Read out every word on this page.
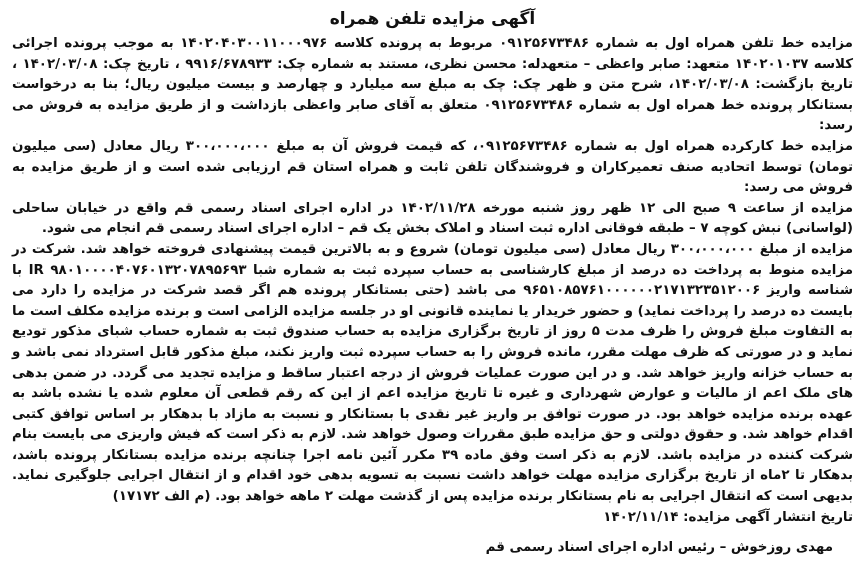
آگهی مزایده تلفن همراه

مزایده خط تلفن همراه اول به شماره ۰۹۱۲۵۶۷۳۴۸۶ مربوط به پرونده کلاسه ۱۴۰۲۰۴۰۳۰۰۱۱۰۰۰۹۷۶ به موجب پرونده اجرائی کلاسه ۱۴۰۲۰۱۰۳۷ متعهد: صابر واعظی – متعهدله: محسن نظری، مستند به شماره چک: ۹۹۱۶/۶۷۸۹۳۳ ، تاریخ چک: ۱۴۰۲/۰۳/۰۸ ، تاریخ بازگشت: ۱۴۰۲/۰۳/۰۸، شرح متن و ظهر چک: چک به مبلغ سه میلیارد و چهارصد و بیست میلیون ریال؛ بنا به درخواست بستانکار پرونده خط همراه اول به شماره ۰۹۱۲۵۶۷۳۴۸۶ متعلق به آقای صابر واعظی بازداشت و از طریق مزایده به فروش می رسد:

مزایده خط کارکرده همراه اول به شماره ۰۹۱۲۵۶۷۳۴۸۶، که قیمت فروش آن به مبلغ ۳۰۰،۰۰۰،۰۰۰ ریال معادل (سی میلیون تومان) توسط اتحادیه صنف تعمیرکاران و فروشندگان تلفن ثابت و همراه استان قم ارزیابی شده است و از طریق مزایده به فروش می رسد:

مزایده از ساعت ۹ صبح الی ۱۲ ظهر روز شنبه مورخه ۱۴۰۲/۱۱/۲۸ در اداره اجرای اسناد رسمی قم واقع در خیابان ساحلی (لواسانی) نبش کوچه ۷ – طبقه فوقانی اداره ثبت اسناد و املاک بخش یک قم – اداره اجرای اسناد رسمی قم انجام می شود.

مزایده از مبلغ ۳۰۰،۰۰۰،۰۰۰ ریال معادل (سی میلیون تومان) شروع و به بالاترین قیمت پیشنهادی فروخته خواهد شد. شرکت در مزایده منوط به پرداخت ده درصد از مبلغ کارشناسی به حساب سپرده ثبت به شماره شبا IR ۹۸۰۱۰۰۰۰۴۰۷۶۰۱۳۲۰۷۸۹۵۶۹۳ با شناسه واریز ۹۶۵۱۰۸۵۷۶۱۰۰۰۰۰۰۲۱۷۱۳۲۳۵۱۲۰۰۶ می باشد (حتی بستانکار پرونده هم اگر قصد شرکت در مزایده را دارد می بایست ده درصد را پرداخت نماید) و حضور خریدار یا نماینده قانونی او در جلسه مزایده الزامی است و برنده مزایده مکلف است ما به التفاوت مبلغ فروش را ظرف مدت ۵ روز از تاریخ برگزاری مزایده به حساب صندوق ثبت به شماره حساب شبای مذکور تودیع نماید و در صورتی که ظرف مهلت مقرر، مانده فروش را به حساب سپرده ثبت واریز نکند، مبلغ مذکور قابل استرداد نمی باشد و به حساب خزانه واریز خواهد شد. و در این صورت عملیات فروش از درجه اعتبار ساقط و مزایده تجدید می گردد. در ضمن بدهی های ملک اعم از مالیات و عوارض شهرداری و غیره تا تاریخ مزایده اعم از این که رقم قطعی آن معلوم شده یا نشده باشد به عهده برنده مزایده خواهد بود. در صورت توافق بر واریز غیر نقدی با بستانکار و نسبت به مازاد با بدهکار بر اساس توافق کتبی اقدام خواهد شد. و حقوق دولتی و حق مزایده طبق مقررات وصول خواهد شد. لازم به ذکر است که فیش واریزی می بایست بنام شرکت کننده در مزایده باشد. لازم به ذکر است وفق ماده ۳۹ مکرر آئین نامه اجرا چنانچه برنده مزایده بستانکار پرونده باشد، بدهکار تا ۲ماه از تاریخ برگزاری مزایده مهلت خواهد داشت نسبت به تسویه بدهی خود اقدام و از انتقال اجرایی جلوگیری نماید. بدیهی است که انتقال اجرایی به نام بستانکار برنده مزایده پس از گذشت مهلت ۲ ماهه خواهد بود. (م الف ۱۷۱۷۲)

تاریخ انتشار آگهی مزایده: ۱۴۰۲/۱۱/۱۴

مهدی روزخوش – رئیس اداره اجرای اسناد رسمی قم
